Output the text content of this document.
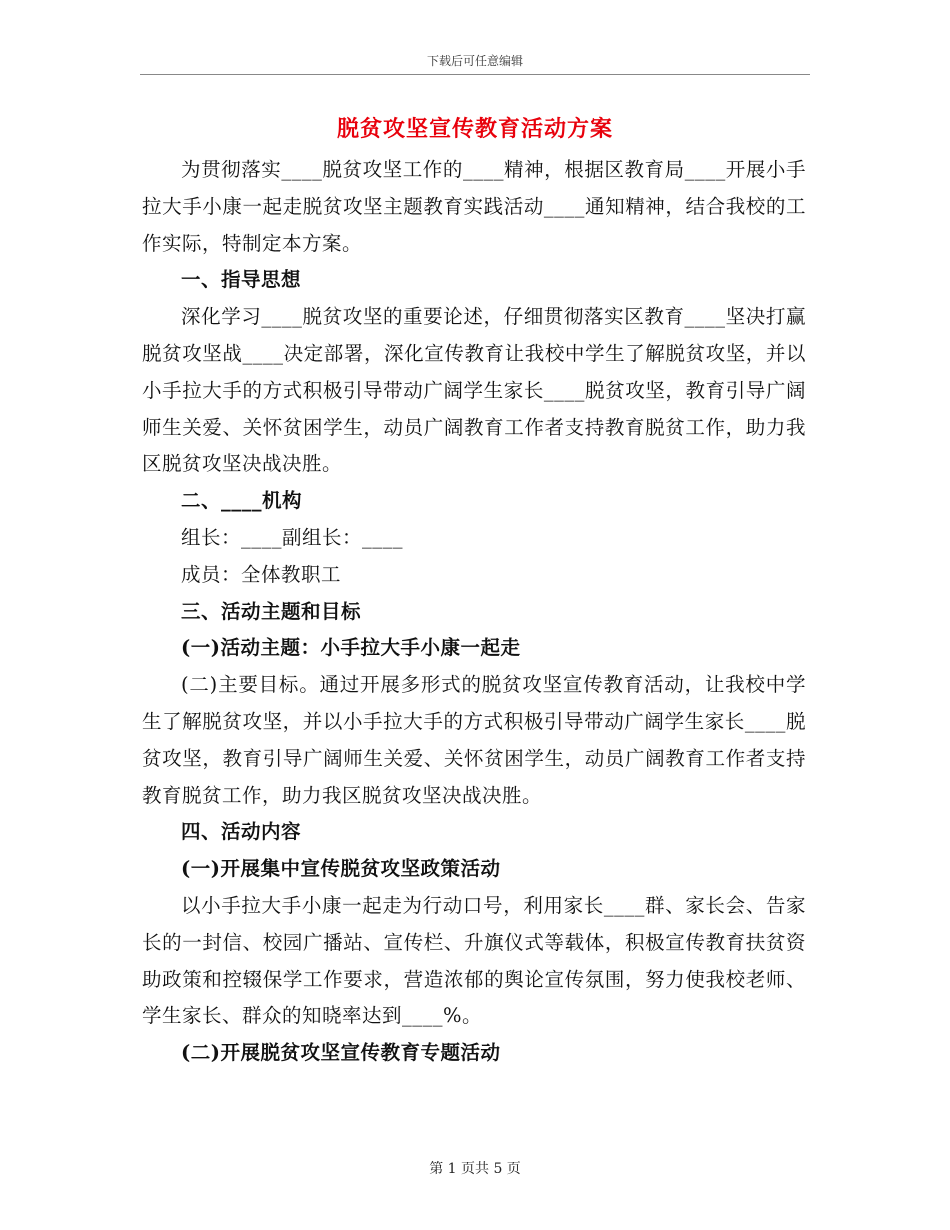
下载后可任意编辑
脱贫攻坚宣传教育活动方案

为贯彻落实____脱贫攻坚工作的____精神，根据区教育局____开展小手拉大手小康一起走脱贫攻坚主题教育实践活动____通知精神，结合我校的工作实际，特制定本方案。

一、指导思想

深化学习____脱贫攻坚的重要论述，仔细贯彻落实区教育____坚决打赢脱贫攻坚战____决定部署，深化宣传教育让我校中学生了解脱贫攻坚，并以小手拉大手的方式积极引导带动广阔学生家长____脱贫攻坚，教育引导广阔师生关爱、关怀贫困学生，动员广阔教育工作者支持教育脱贫工作，助力我区脱贫攻坚决战决胜。

二、____机构

组长：____副组长：____

成员：全体教职工

三、活动主题和目标

(一)活动主题：小手拉大手小康一起走

(二)主要目标。通过开展多形式的脱贫攻坚宣传教育活动，让我校中学生了解脱贫攻坚，并以小手拉大手的方式积极引导带动广阔学生家长____脱贫攻坚，教育引导广阔师生关爱、关怀贫困学生，动员广阔教育工作者支持教育脱贫工作，助力我区脱贫攻坚决战决胜。

四、活动内容

(一)开展集中宣传脱贫攻坚政策活动

以小手拉大手小康一起走为行动口号，利用家长____群、家长会、告家长的一封信、校园广播站、宣传栏、升旗仪式等载体，积极宣传教育扶贫资助政策和控辍保学工作要求，营造浓郁的舆论宣传氛围，努力使我校老师、学生家长、群众的知晓率达到____%。

(二)开展脱贫攻坚宣传教育专题活动

第 1 页共 5 页
